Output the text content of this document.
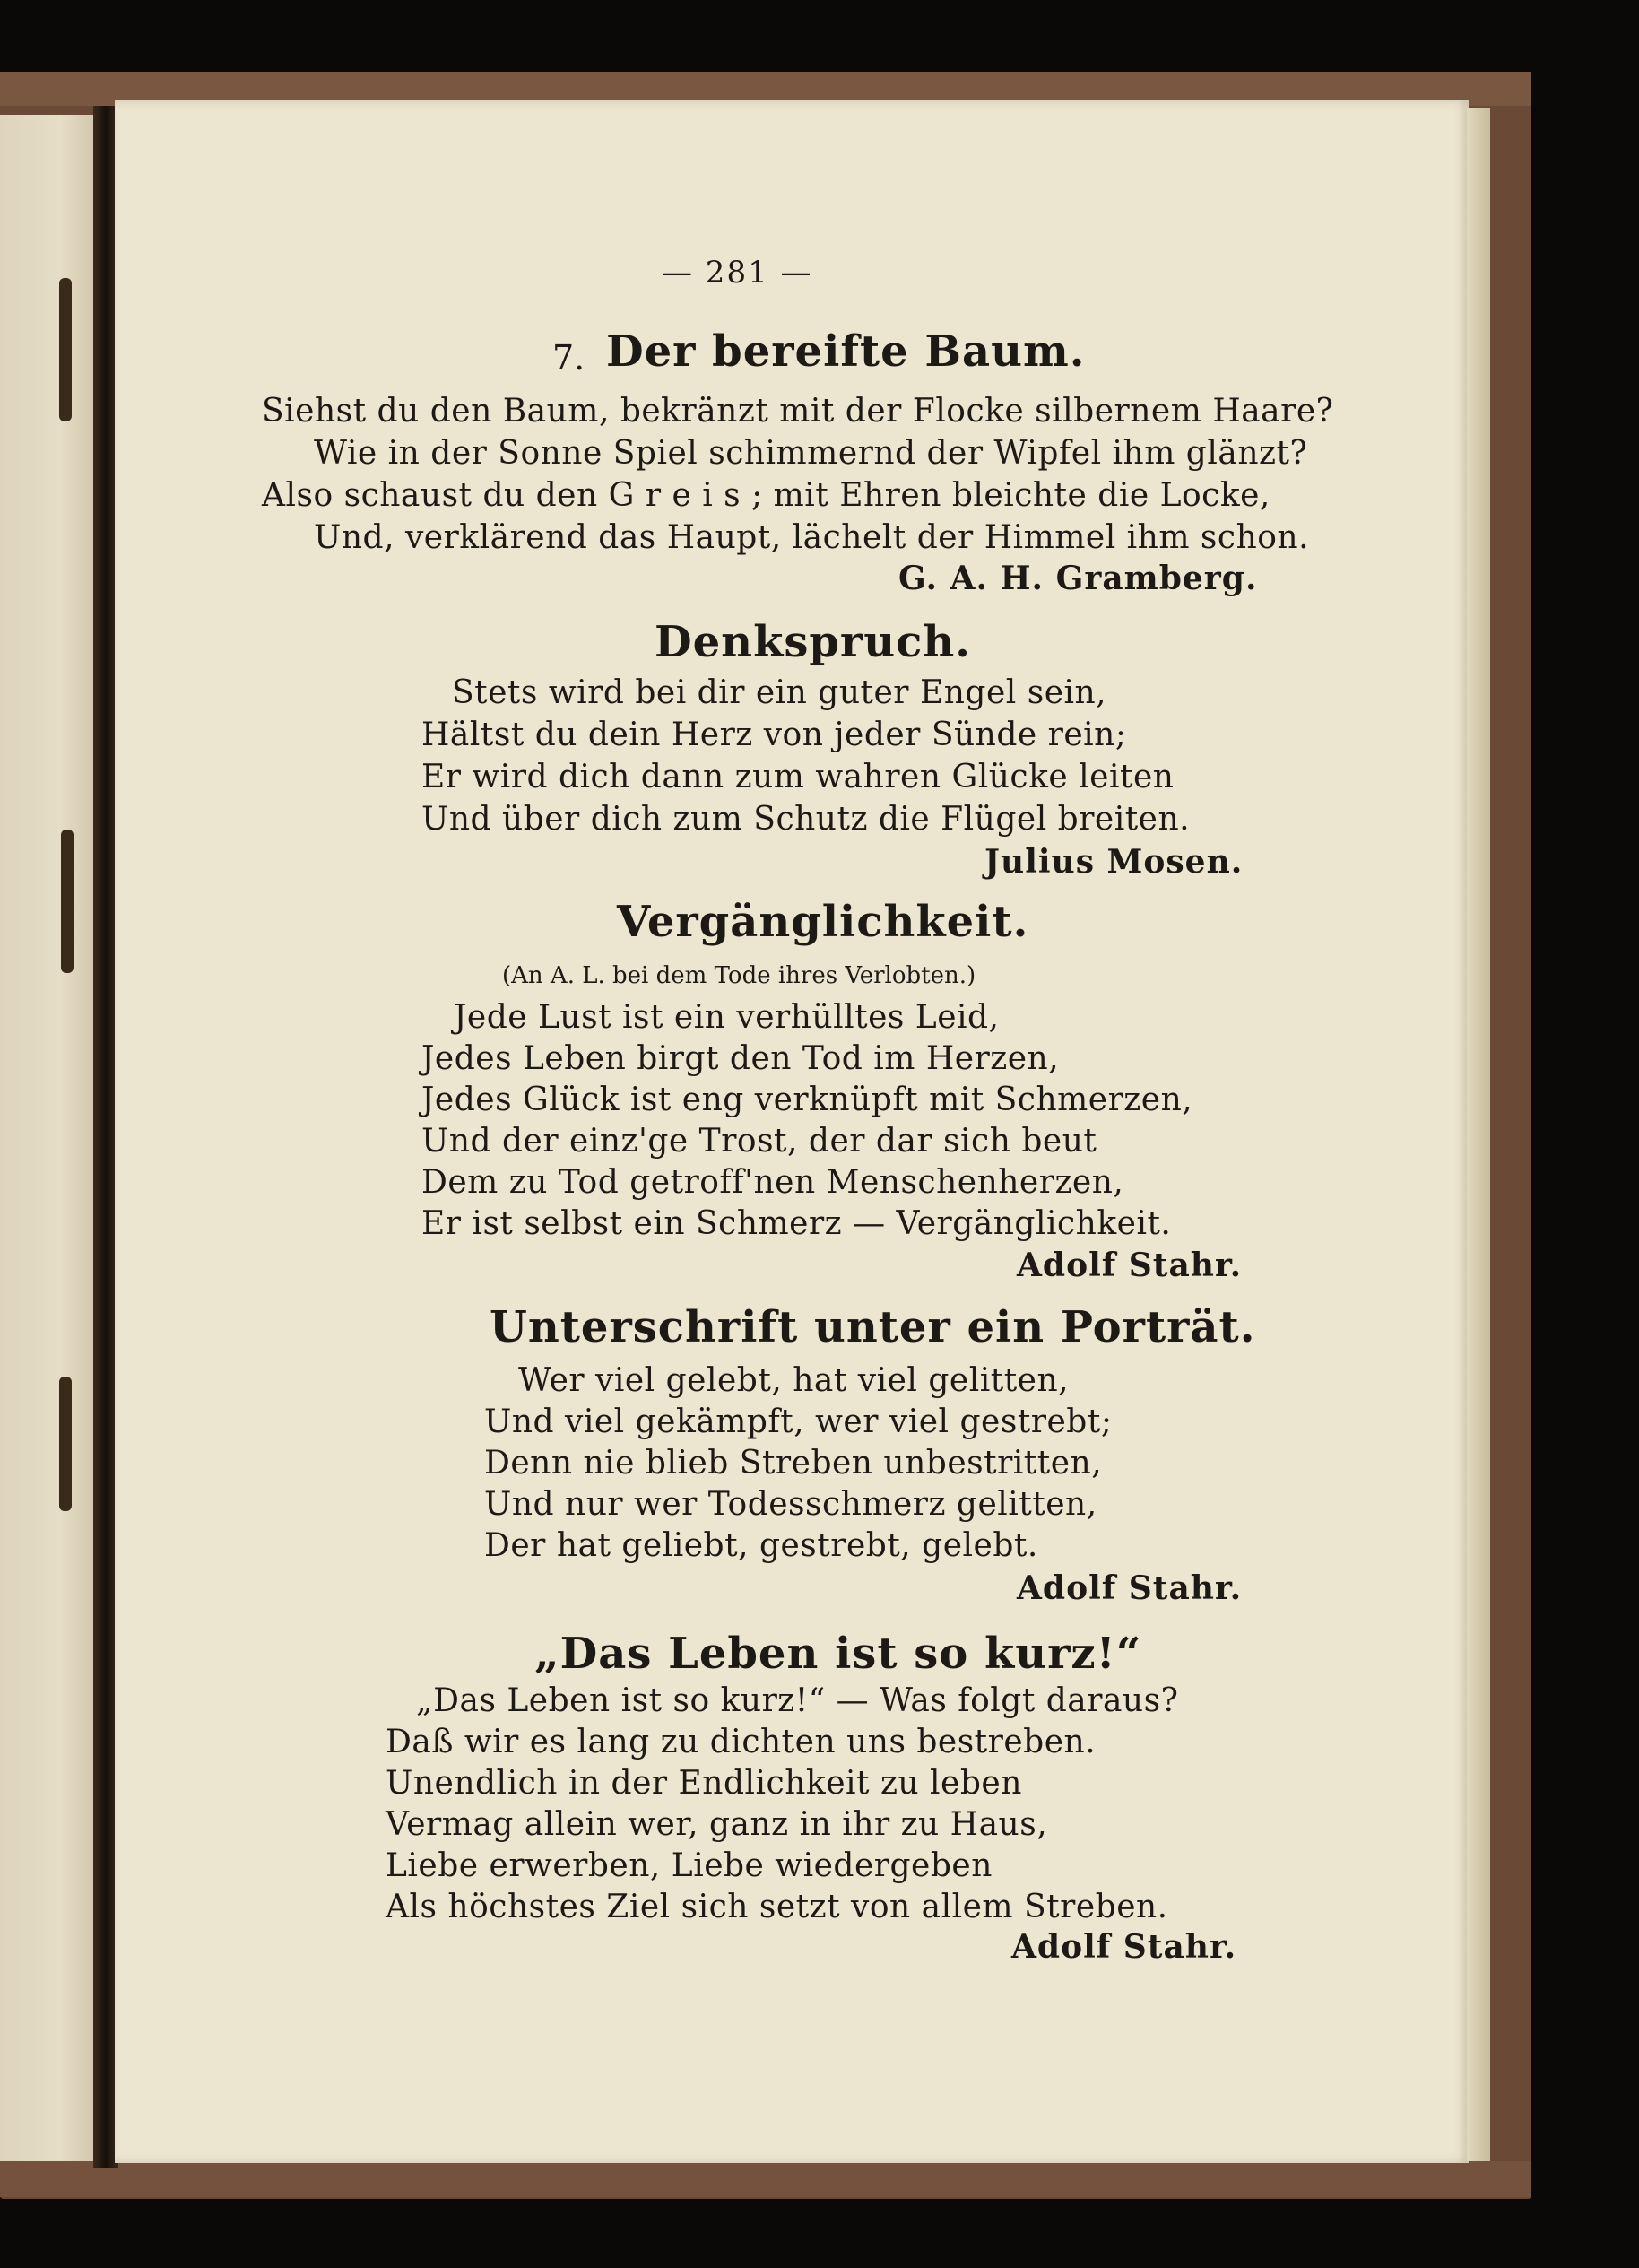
— 281 —
7. Der bereifte Baum.
Siehst du den Baum, bekränzt mit der Flocke silbernem Haare?
Wie in der Sonne Spiel schimmernd der Wipfel ihm glänzt?
Also schaust du den G r e i s ; mit Ehren bleichte die Locke,
Und, verklärend das Haupt, lächelt der Himmel ihm schon.
G. A. H. Gramberg.
Denkspruch.
Stets wird bei dir ein guter Engel sein,
Hältst du dein Herz von jeder Sünde rein;
Er wird dich dann zum wahren Glücke leiten
Und über dich zum Schutz die Flügel breiten.
Julius Mosen.
Vergänglichkeit.
(An A. L. bei dem Tode ihres Verlobten.)
Jede Lust ist ein verhülltes Leid,
Jedes Leben birgt den Tod im Herzen,
Jedes Glück ist eng verknüpft mit Schmerzen,
Und der einz'ge Trost, der dar sich beut
Dem zu Tod getroff'nen Menschenherzen,
Er ist selbst ein Schmerz — Vergänglichkeit.
Adolf Stahr.
Unterschrift unter ein Porträt.
Wer viel gelebt, hat viel gelitten,
Und viel gekämpft, wer viel gestrebt;
Denn nie blieb Streben unbestritten,
Und nur wer Todesschmerz gelitten,
Der hat geliebt, gestrebt, gelebt.
Adolf Stahr.
„Das Leben ist so kurz!“
„Das Leben ist so kurz!“ — Was folgt daraus?
Daß wir es lang zu dichten uns bestreben.
Unendlich in der Endlichkeit zu leben
Vermag allein wer, ganz in ihr zu Haus,
Liebe erwerben, Liebe wiedergeben
Als höchstes Ziel sich setzt von allem Streben.
Adolf Stahr.
